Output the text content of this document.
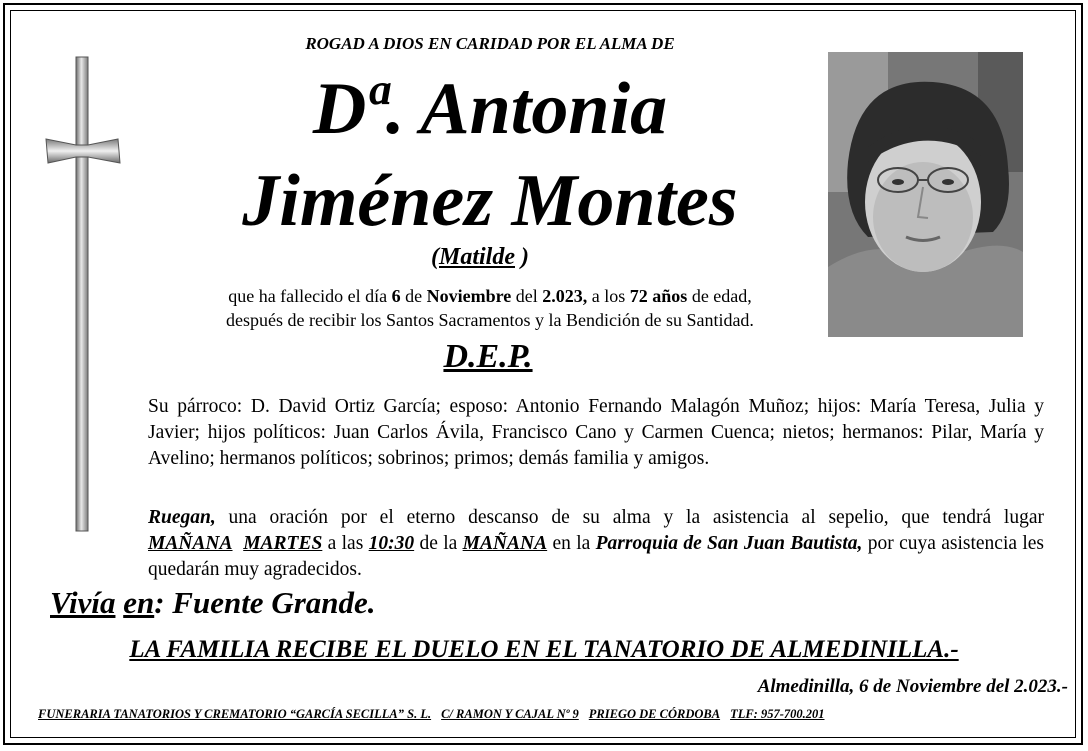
ROGAD A DIOS EN CARIDAD POR EL ALMA DE
Dª. Antonia
Jiménez Montes
(Matilde )
que ha fallecido el día 6 de Noviembre del 2.023, a los 72 años de edad,
después de recibir los Santos Sacramentos y la Bendición de su Santidad.
D.E.P.
Su párroco: D. David Ortiz García; esposo: Antonio Fernando Malagón Muñoz; hijos: María Teresa, Julia y Javier; hijos políticos: Juan Carlos Ávila, Francisco Cano y Carmen Cuenca; nietos; hermanos: Pilar, María y Avelino; hermanos políticos; sobrinos; primos; demás familia y amigos.
Ruegan, una oración por el eterno descanso de su alma y la asistencia al sepelio, que tendrá lugar MAÑANA MARTES a las 10:30 de la MAÑANA en la Parroquia de San Juan Bautista, por cuya asistencia les quedarán muy agradecidos.
Vivía en: Fuente Grande.
LA FAMILIA RECIBE EL DUELO EN EL TANATORIO DE ALMEDINILLA.-
Almedinilla, 6 de Noviembre del 2.023.-
FUNERARIA TANATORIOS Y CREMATORIO “GARCÍA SECILLA” S. L. C/ RAMON Y CAJAL Nº 9 PRIEGO DE CÓRDOBA TLF: 957-700.201
